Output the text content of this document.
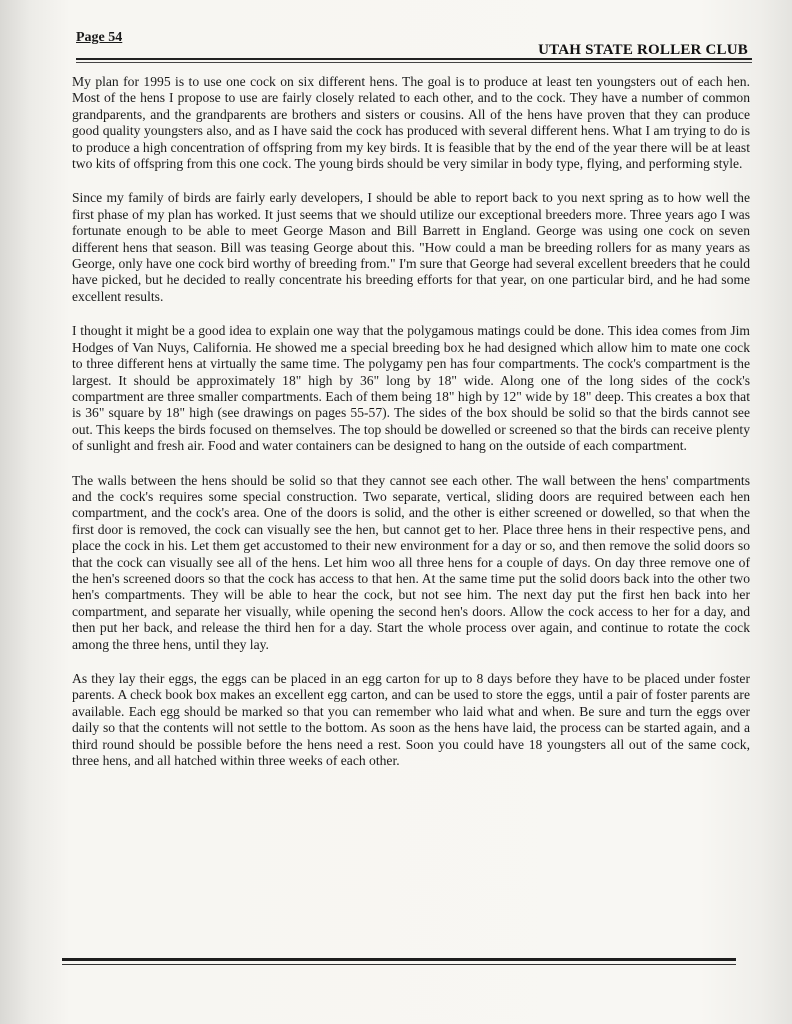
Page 54
UTAH STATE ROLLER CLUB

My plan for 1995 is to use one cock on six different hens. The goal is to produce at least ten youngsters out of each hen. Most of the hens I propose to use are fairly closely related to each other, and to the cock. They have a number of common grandparents, and the grandparents are brothers and sisters or cousins. All of the hens have proven that they can produce good quality youngsters also, and as I have said the cock has produced with several different hens. What I am trying to do is to produce a high concentration of offspring from my key birds. It is feasible that by the end of the year there will be at least two kits of offspring from this one cock. The young birds should be very similar in body type, flying, and performing style.

Since my family of birds are fairly early developers, I should be able to report back to you next spring as to how well the first phase of my plan has worked. It just seems that we should utilize our exceptional breeders more. Three years ago I was fortunate enough to be able to meet George Mason and Bill Barrett in England. George was using one cock on seven different hens that season. Bill was teasing George about this. "How could a man be breeding rollers for as many years as George, only have one cock bird worthy of breeding from." I'm sure that George had several excellent breeders that he could have picked, but he decided to really concentrate his breeding efforts for that year, on one particular bird, and he had some excellent results.

I thought it might be a good idea to explain one way that the polygamous matings could be done. This idea comes from Jim Hodges of Van Nuys, California. He showed me a special breeding box he had designed which allow him to mate one cock to three different hens at virtually the same time. The polygamy pen has four compartments. The cock's compartment is the largest. It should be approximately 18" high by 36" long by 18" wide. Along one of the long sides of the cock's compartment are three smaller compartments. Each of them being 18" high by 12" wide by 18" deep. This creates a box that is 36" square by 18" high (see drawings on pages 55-57). The sides of the box should be solid so that the birds cannot see out. This keeps the birds focused on themselves. The top should be dowelled or screened so that the birds can receive plenty of sunlight and fresh air. Food and water containers can be designed to hang on the outside of each compartment.

The walls between the hens should be solid so that they cannot see each other. The wall between the hens' compartments and the cock's requires some special construction. Two separate, vertical, sliding doors are required between each hen compartment, and the cock's area. One of the doors is solid, and the other is either screened or dowelled, so that when the first door is removed, the cock can visually see the hen, but cannot get to her. Place three hens in their respective pens, and place the cock in his. Let them get accustomed to their new environment for a day or so, and then remove the solid doors so that the cock can visually see all of the hens. Let him woo all three hens for a couple of days. On day three remove one of the hen's screened doors so that the cock has access to that hen. At the same time put the solid doors back into the other two hen's compartments. They will be able to hear the cock, but not see him. The next day put the first hen back into her compartment, and separate her visually, while opening the second hen's doors. Allow the cock access to her for a day, and then put her back, and release the third hen for a day. Start the whole process over again, and continue to rotate the cock among the three hens, until they lay.

As they lay their eggs, the eggs can be placed in an egg carton for up to 8 days before they have to be placed under foster parents. A check book box makes an excellent egg carton, and can be used to store the eggs, until a pair of foster parents are available. Each egg should be marked so that you can remember who laid what and when. Be sure and turn the eggs over daily so that the contents will not settle to the bottom. As soon as the hens have laid, the process can be started again, and a third round should be possible before the hens need a rest. Soon you could have 18 youngsters all out of the same cock, three hens, and all hatched within three weeks of each other.
